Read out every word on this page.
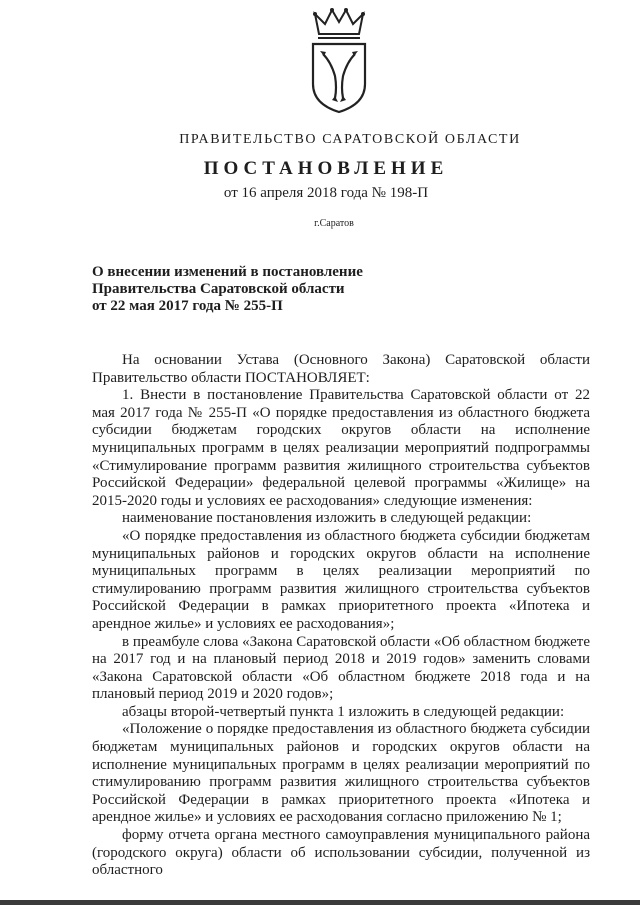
ПРАВИТЕЛЬСТВО САРАТОВСКОЙ ОБЛАСТИ
ПОСТАНОВЛЕНИЕ
от 16 апреля 2018 года № 198-П
г.Саратов
О внесении изменений в постановление
Правительства Саратовской области
от 22 мая 2017 года № 255-П

На основании Устава (Основного Закона) Саратовской области Правительство области ПОСТАНОВЛЯЕТ:

1. Внести в постановление Правительства Саратовской области от 22 мая 2017 года № 255-П «О порядке предоставления из областного бюджета субсидии бюджетам городских округов области на исполнение муниципальных программ в целях реализации мероприятий подпрограммы «Стимулирование программ развития жилищного строительства субъектов Российской Федерации» федеральной целевой программы «Жилище» на 2015-2020 годы и условиях ее расходования» следующие изменения:

наименование постановления изложить в следующей редакции:

«О порядке предоставления из областного бюджета субсидии бюджетам муниципальных районов и городских округов области на исполнение муниципальных программ в целях реализации мероприятий по стимулированию программ развития жилищного строительства субъектов Российской Федерации в рамках приоритетного проекта «Ипотека и арендное жилье» и условиях ее расходования»;

в преамбуле слова «Закона Саратовской области «Об областном бюджете на 2017 год и на плановый период 2018 и 2019 годов» заменить словами «Закона Саратовской области «Об областном бюджете 2018 года и на плановый период 2019 и 2020 годов»;

абзацы второй-четвертый пункта 1 изложить в следующей редакции:

«Положение о порядке предоставления из областного бюджета субсидии бюджетам муниципальных районов и городских округов области на исполнение муниципальных программ в целях реализации мероприятий по стимулированию программ развития жилищного строительства субъектов Российской Федерации в рамках приоритетного проекта «Ипотека и арендное жилье» и условиях ее расходования согласно приложению № 1;

форму отчета органа местного самоуправления муниципального района (городского округа) области об использовании субсидии, полученной из областного
